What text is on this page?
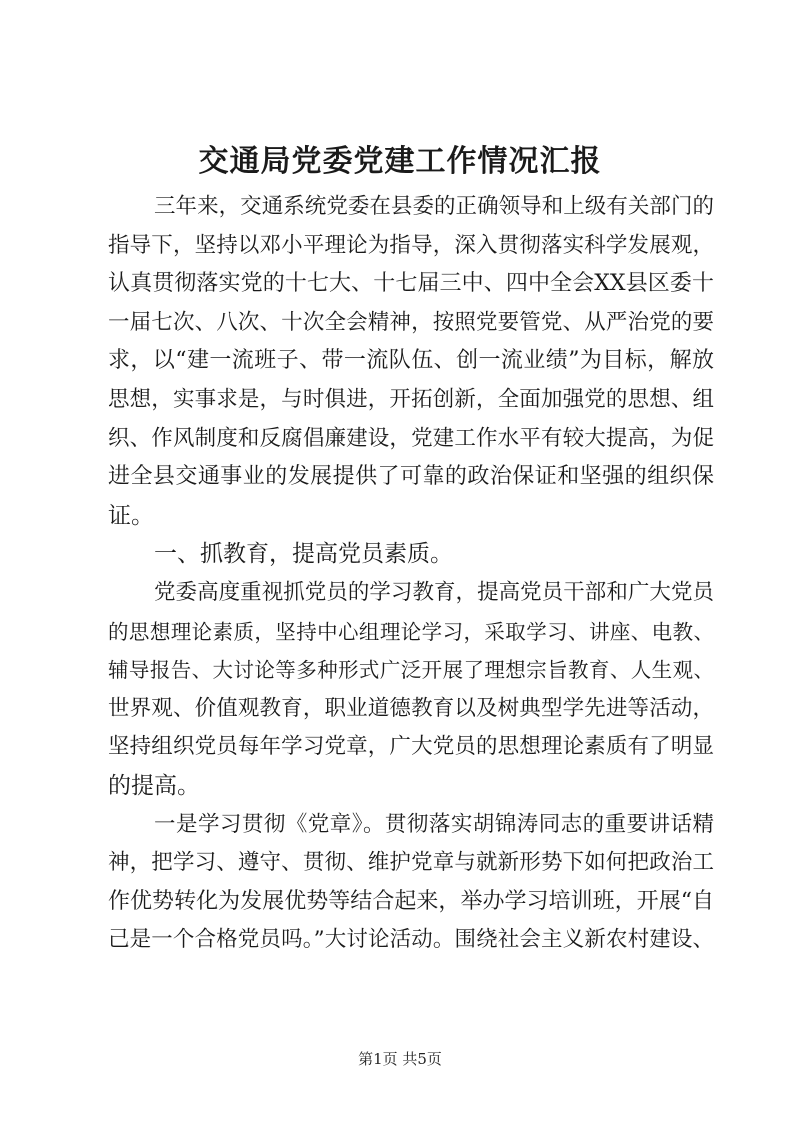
交通局党委党建工作情况汇报
三年来，交通系统党委在县委的正确领导和上级有关部门的
指导下，坚持以邓小平理论为指导，深入贯彻落实科学发展观，
认真贯彻落实党的十七大、十七届三中、四中全会XX县区委十
一届七次、八次、十次全会精神，按照党要管党、从严治党的要
求，以“建一流班子、带一流队伍、创一流业绩”为目标，解放
思想，实事求是，与时俱进，开拓创新，全面加强党的思想、组
织、作风制度和反腐倡廉建设，党建工作水平有较大提高，为促
进全县交通事业的发展提供了可靠的政治保证和坚强的组织保
证。
一、抓教育，提高党员素质。
党委高度重视抓党员的学习教育，提高党员干部和广大党员
的思想理论素质，坚持中心组理论学习，采取学习、讲座、电教、
辅导报告、大讨论等多种形式广泛开展了理想宗旨教育、人生观、
世界观、价值观教育，职业道德教育以及树典型学先进等活动，
坚持组织党员每年学习党章，广大党员的思想理论素质有了明显
的提高。
一是学习贯彻《党章》。贯彻落实胡锦涛同志的重要讲话精
神，把学习、遵守、贯彻、维护党章与就新形势下如何把政治工
作优势转化为发展优势等结合起来，举办学习培训班，开展“自
己是一个合格党员吗。”大讨论活动。围绕社会主义新农村建设、
第1页 共5页
